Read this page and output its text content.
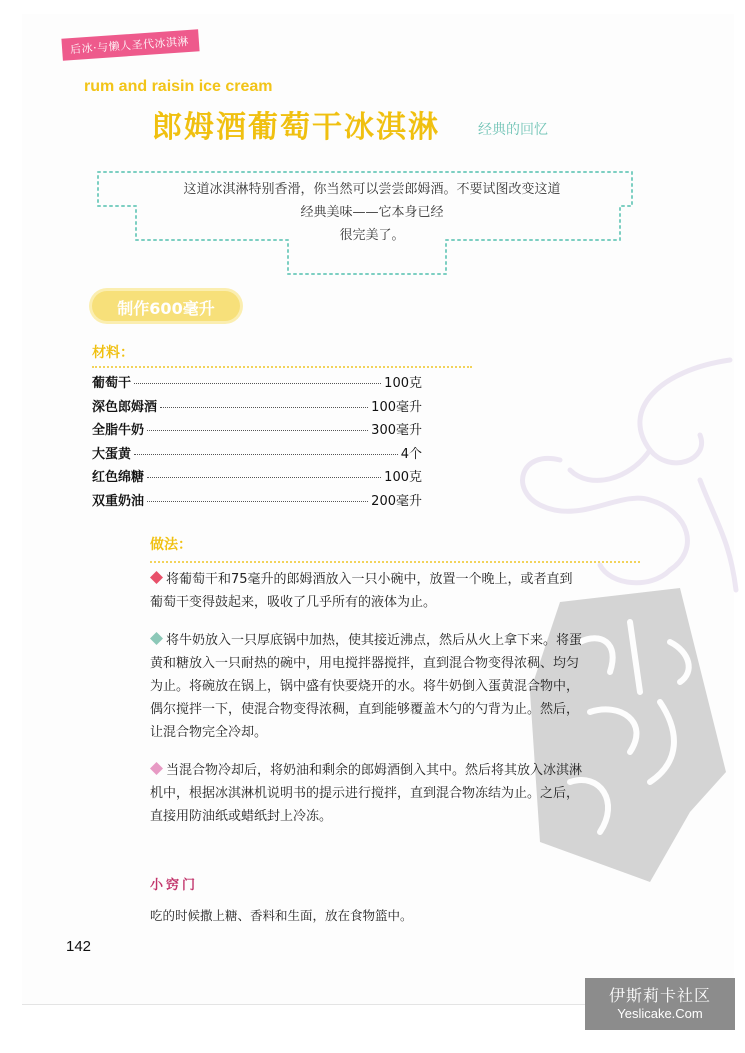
后冰·与懒人圣代冰淇淋
rum and raisin ice cream
郎姆酒葡萄干冰淇淋	经典的回忆
这道冰淇淋特别香滑，你当然可以尝尝郎姆酒。不要试图改变这道
经典美味——它本身已经
很完美了。
制作600毫升
材料：
葡萄干	100克
深色郎姆酒	100毫升
全脂牛奶	300毫升
大蛋黄	4个
红色绵糖	100克
双重奶油	200毫升
做法：

将葡萄干和75毫升的郎姆酒放入一只小碗中，放置一个晚上，或者直到葡萄干变得鼓起来，吸收了几乎所有的液体为止。

将牛奶放入一只厚底锅中加热，使其接近沸点，然后从火上拿下来。将蛋黄和糖放入一只耐热的碗中，用电搅拌器搅拌，直到混合物变得浓稠、均匀为止。将碗放在锅上，锅中盛有快要烧开的水。将牛奶倒入蛋黄混合物中，偶尔搅拌一下，使混合物变得浓稠，直到能够覆盖木勺的勺背为止。然后，让混合物完全冷却。

当混合物冷却后，将奶油和剩余的郎姆酒倒入其中。然后将其放入冰淇淋机中，根据冰淇淋机说明书的提示进行搅拌，直到混合物冻结为止。之后，直接用防油纸或蜡纸封上冷冻。

小窍门
吃的时候撒上糖、香料和生面，放在食物篮中。
142
伊斯莉卡社区
Yeslicake.Com
